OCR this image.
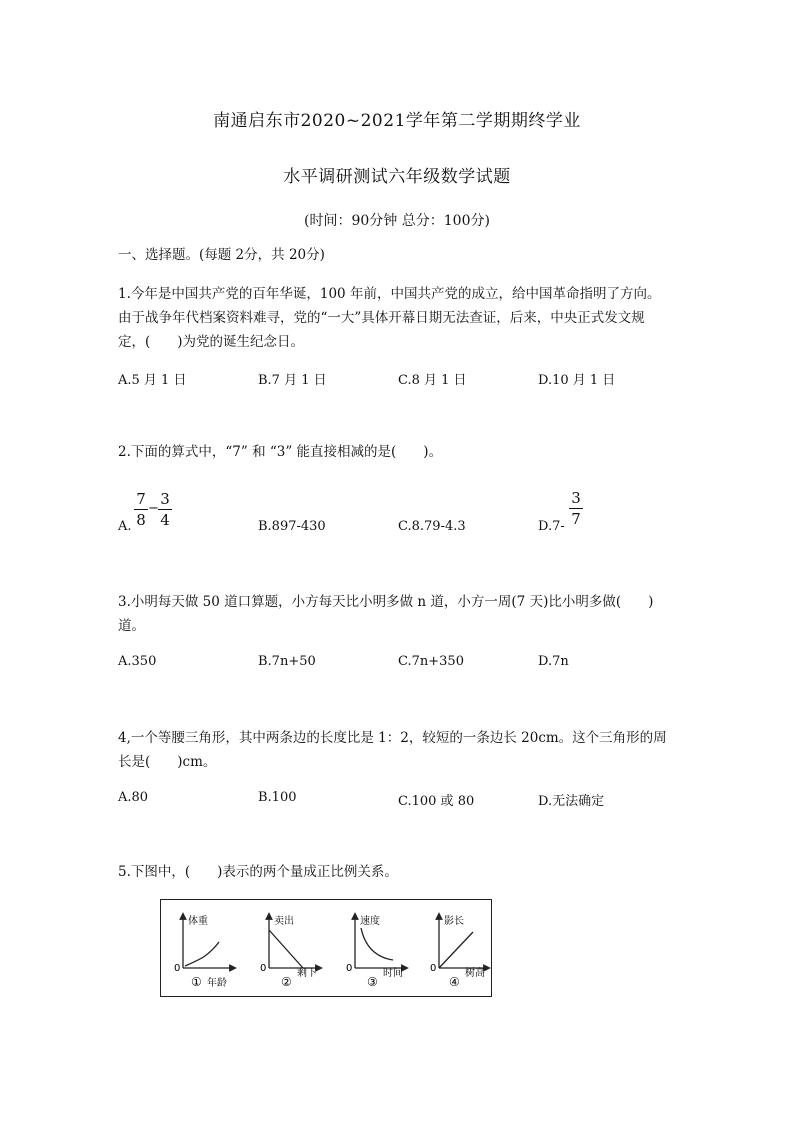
南通启东市2020~2021学年第二学期期终学业
水平调研测试六年级数学试题
(时间：90分钟 总分：100分)
一、选择题。(每题 2分，共 20分)
1.今年是中国共产党的百年华诞，100 年前，中国共产党的成立，给中国革命指明了方向。
由于战争年代档案资料难寻，党的“一大”具体开幕日期无法查证，后来，中央正式发文规
定，(　　)为党的诞生纪念日。
A.5 月 1 日	B.7 月 1 日	C.8 月 1 日	D.10 月 1 日
2.下面的算式中，“7” 和 “3” 能直接相减的是(　　)。
A.
7
8
−
3
4	B.897-430	C.8.79-4.3	D.7-
3
7
3.小明每天做 50 道口算题，小方每天比小明多做 n 道，小方一周(7 天)比小明多做(　　)
道。
A.350	B.7n+50	C.7n+350	D.7n
4,一个等腰三角形，其中两条边的长度比是 1：2，较短的一条边长 20cm。这个三角形的周
长是(　　)cm。
A.80	B.100	C.100 或 80	D.无法确定
5.下图中，(　　)表示的两个量成正比例关系。
体重
0
① 年龄
卖出
0
②
剩下
速度
0
③
时间
影长
0
④
树高
